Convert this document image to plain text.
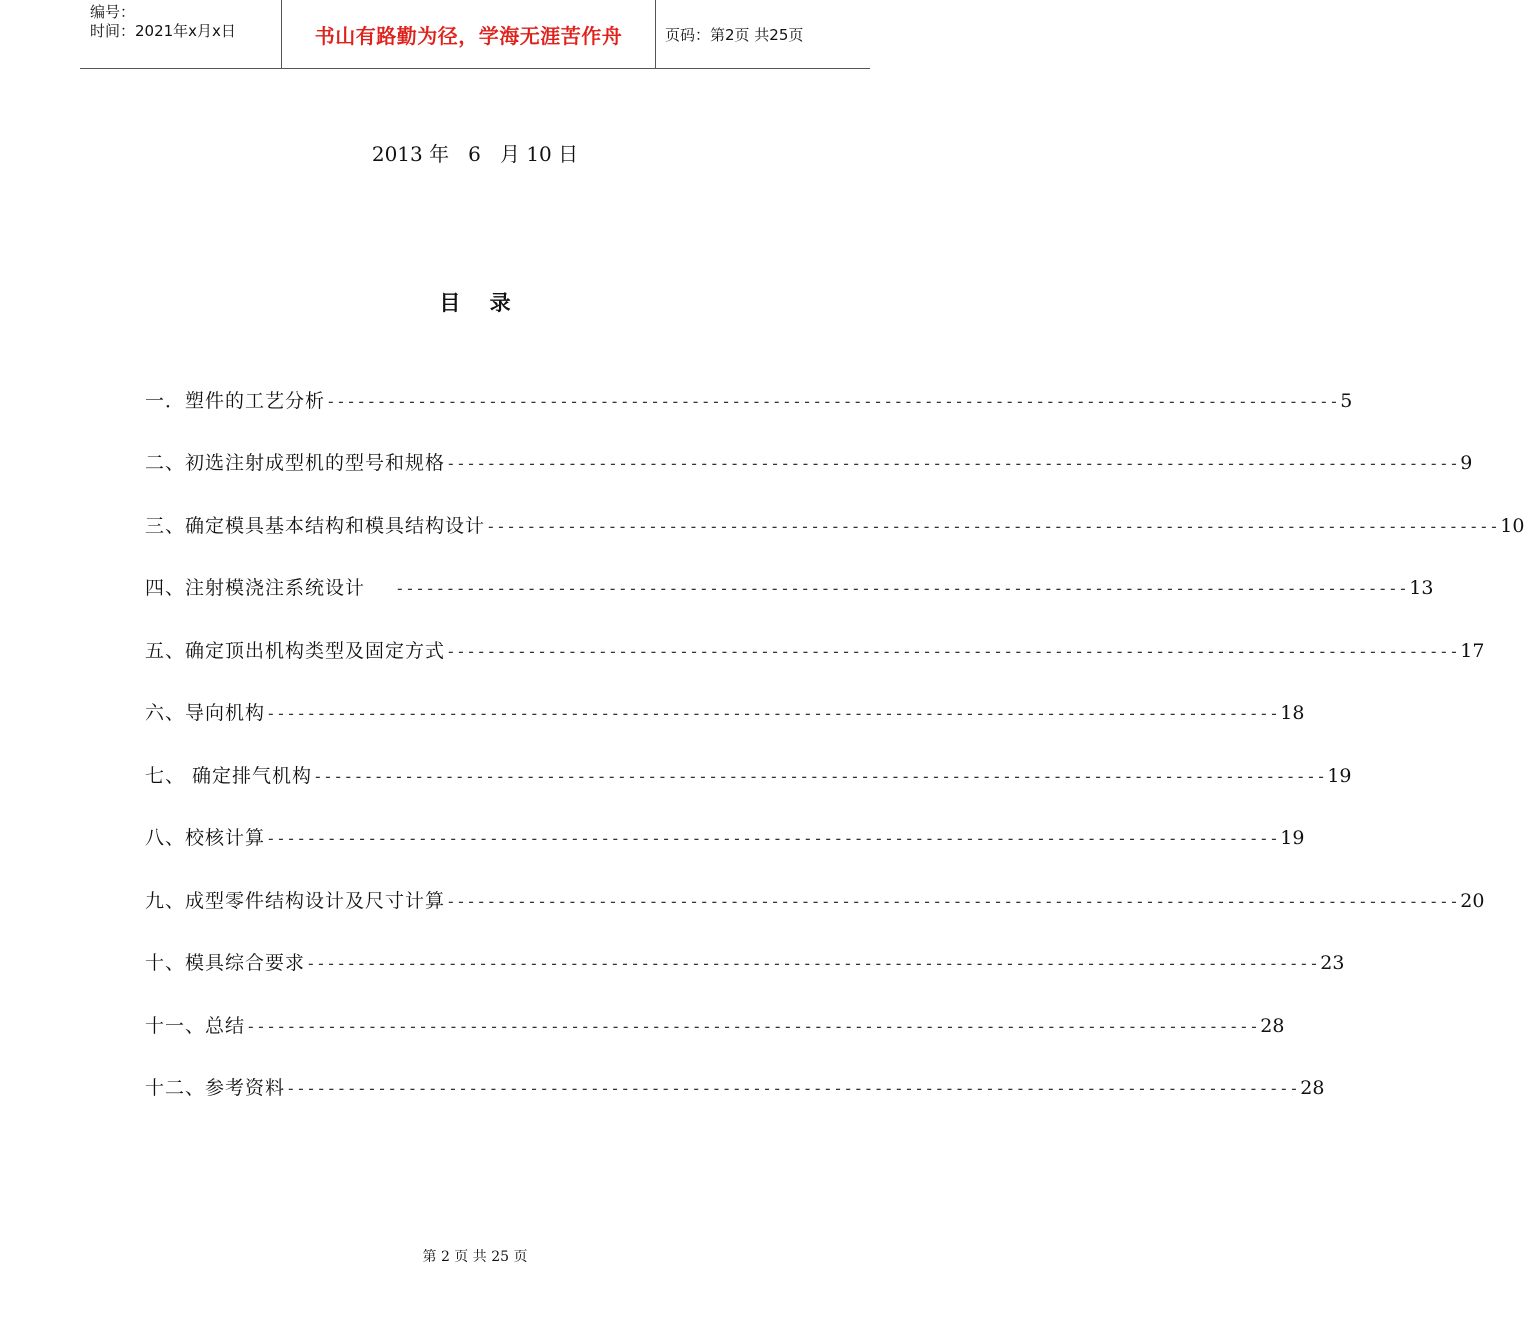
编号：
时间：2021年x月x日	书山有路勤为径，学海无涯苦作舟	页码：第2页 共25页
2013 年   6   月 10 日
目    录
一．塑件的工艺分析 ---------------------------------------------------------------------------------------------------- 5
二、初选注射成型机的型号和规格 ---------------------------------------------------------------------------------------------------- 9
三、确定模具基本结构和模具结构设计 ---------------------------------------------------------------------------------------------------- 10
四、注射模浇注系统设计 ---------------------------------------------------------------------------------------------------- 13
五、确定顶出机构类型及固定方式 ---------------------------------------------------------------------------------------------------- 17
六、导向机构 ---------------------------------------------------------------------------------------------------- 18
七、 确定排气机构 ---------------------------------------------------------------------------------------------------- 19
八、校核计算 ---------------------------------------------------------------------------------------------------- 19
九、成型零件结构设计及尺寸计算 ---------------------------------------------------------------------------------------------------- 20
十、模具综合要求 ---------------------------------------------------------------------------------------------------- 23
十一、总结 ---------------------------------------------------------------------------------------------------- 28
十二、参考资料 ---------------------------------------------------------------------------------------------------- 28
第 2 页 共 25 页
